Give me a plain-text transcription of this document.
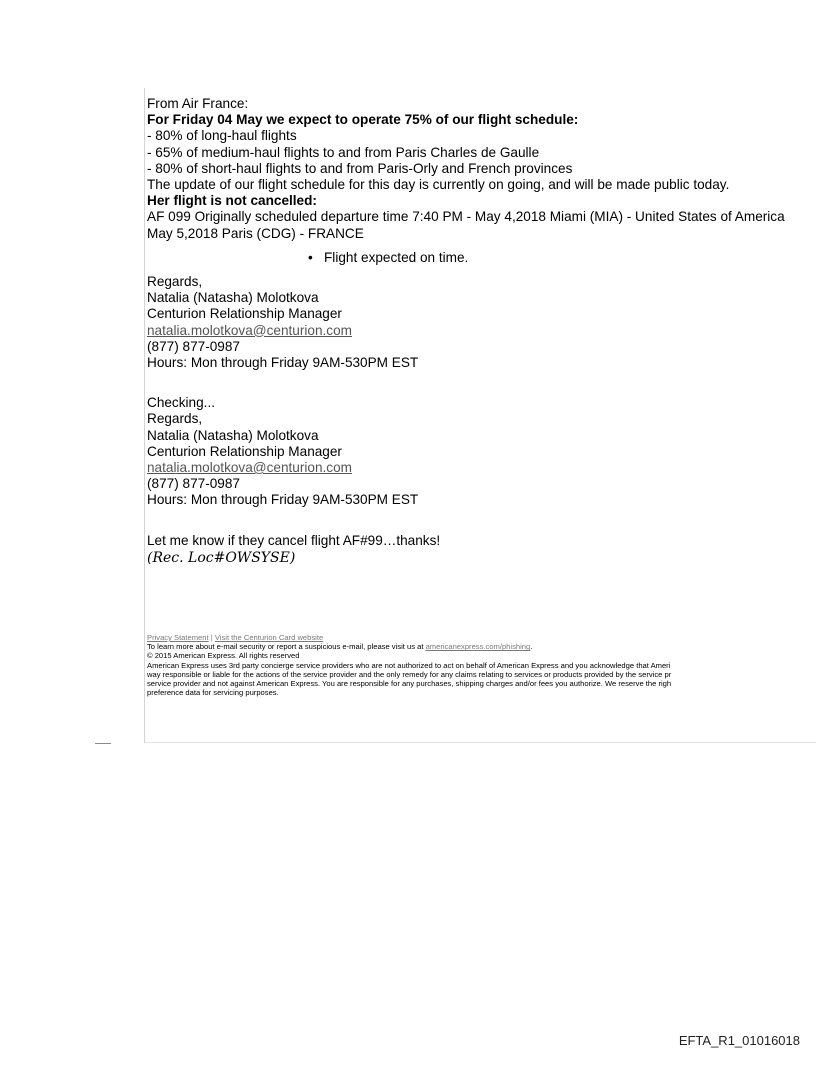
From Air France:
For Friday 04 May we expect to operate 75% of our flight schedule:
- 80% of long-haul flights
- 65% of medium-haul flights to and from Paris Charles de Gaulle
- 80% of short-haul flights to and from Paris-Orly and French provinces
The update of our flight schedule for this day is currently on going, and will be made public today.
Her flight is not cancelled:
AF 099 Originally scheduled departure time 7:40 PM - May 4,2018 Miami (MIA) - United States of America
May 5,2018 Paris (CDG) - FRANCE
• Flight expected on time.
Regards,
Natalia (Natasha) Molotkova
Centurion Relationship Manager
natalia.molotkova@centurion.com
(877) 877-0987
Hours: Mon through Friday 9AM-530PM EST
Checking...
Regards,
Natalia (Natasha) Molotkova
Centurion Relationship Manager
natalia.molotkova@centurion.com
(877) 877-0987
Hours: Mon through Friday 9AM-530PM EST
Let me know if they cancel flight AF#99…thanks!
(Rec. Loc#OWSYSE)
Privacy Statement | Visit the Centurion Card website
To learn more about e-mail security or report a suspicious e-mail, please visit us at americanexpress.com/phishing.
© 2015 American Express. All rights reserved
American Express uses 3rd party concierge service providers who are not authorized to act on behalf of American Express and you acknowledge that Ameri
way responsible or liable for the actions of the service provider and the only remedy for any claims relating to services or products provided by the service pr
service provider and not against American Express. You are responsible for any purchases, shipping charges and/or fees you authorize. We reserve the righ
preference data for servicing purposes.
EFTA_R1_01016018
